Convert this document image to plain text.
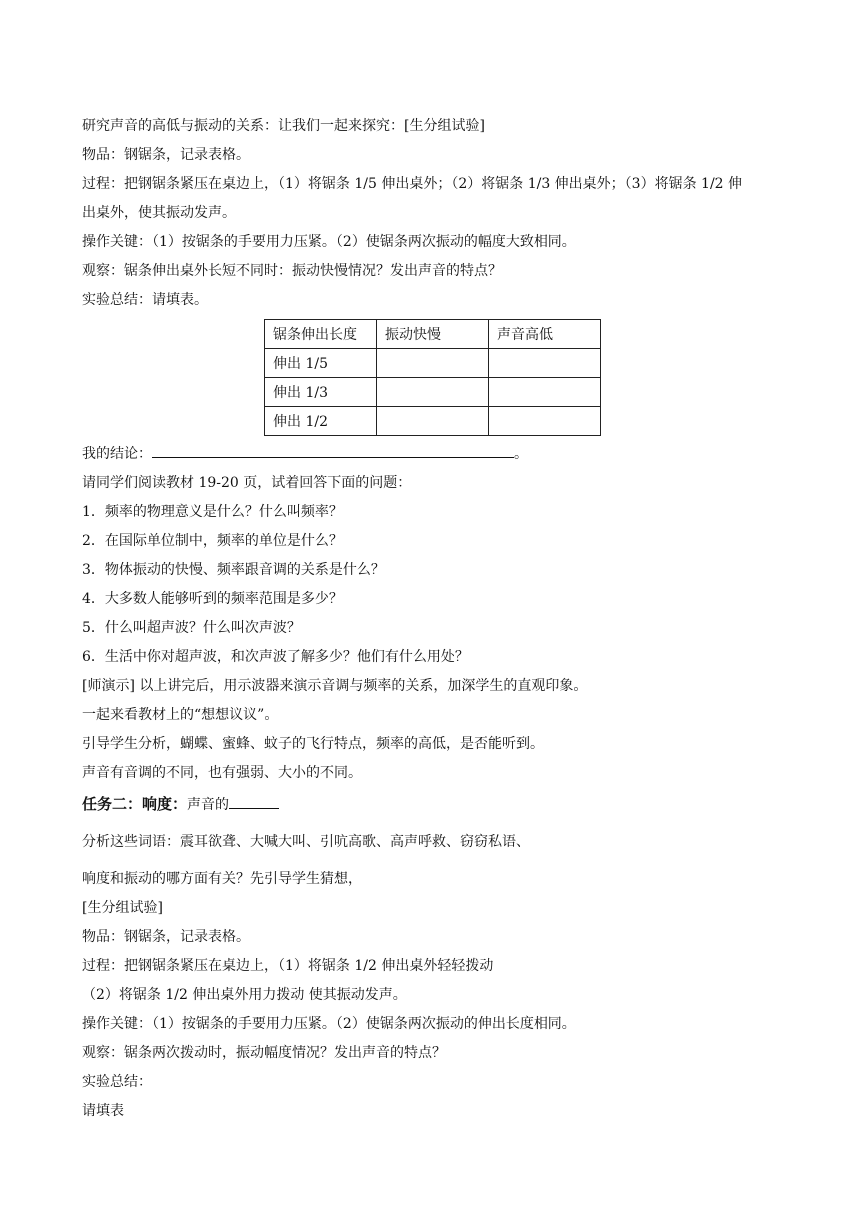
研究声音的高低与振动的关系：让我们一起来探究：[生分组试验]
物品：钢锯条，记录表格。
过程：把钢锯条紧压在桌边上，（1）将锯条 1/5 伸出桌外；（2）将锯条 1/3 伸出桌外；（3）将锯条 1/2 伸
出桌外，使其振动发声。
操作关键：（1）按锯条的手要用力压紧。（2）使锯条两次振动的幅度大致相同。
观察：锯条伸出桌外长短不同时：振动快慢情况？发出声音的特点？
实验总结：请填表。
锯条伸出长度	振动快慢	声音高低
伸出 1/5		
伸出 1/3		
伸出 1/2		
我的结论：	。
请同学们阅读教材 19-20 页，试着回答下面的问题：
1．频率的物理意义是什么？什么叫频率？
2．在国际单位制中，频率的单位是什么？
3．物体振动的快慢、频率跟音调的关系是什么？
4．大多数人能够听到的频率范围是多少？
5．什么叫超声波？什么叫次声波？
6．生活中你对超声波，和次声波了解多少？他们有什么用处？
[师演示] 以上讲完后，用示波器来演示音调与频率的关系，加深学生的直观印象。
一起来看教材上的“想想议议”。
引导学生分析，蝴蝶、蜜蜂、蚊子的飞行特点，频率的高低，是否能听到。
声音有音调的不同，也有强弱、大小的不同。
任务二：响度：声音的
分析这些词语：震耳欲聋、大喊大叫、引吭高歌、高声呼救、窃窃私语、
响度和振动的哪方面有关？先引导学生猜想，
[生分组试验]
物品：钢锯条，记录表格。
过程：把钢锯条紧压在桌边上，（1）将锯条 1/2 伸出桌外轻轻拨动
（2）将锯条 1/2 伸出桌外用力拨动 使其振动发声。
操作关键：（1）按锯条的手要用力压紧。（2）使锯条两次振动的伸出长度相同。
观察：锯条两次拨动时，振动幅度情况？发出声音的特点？
实验总结：
请填表
